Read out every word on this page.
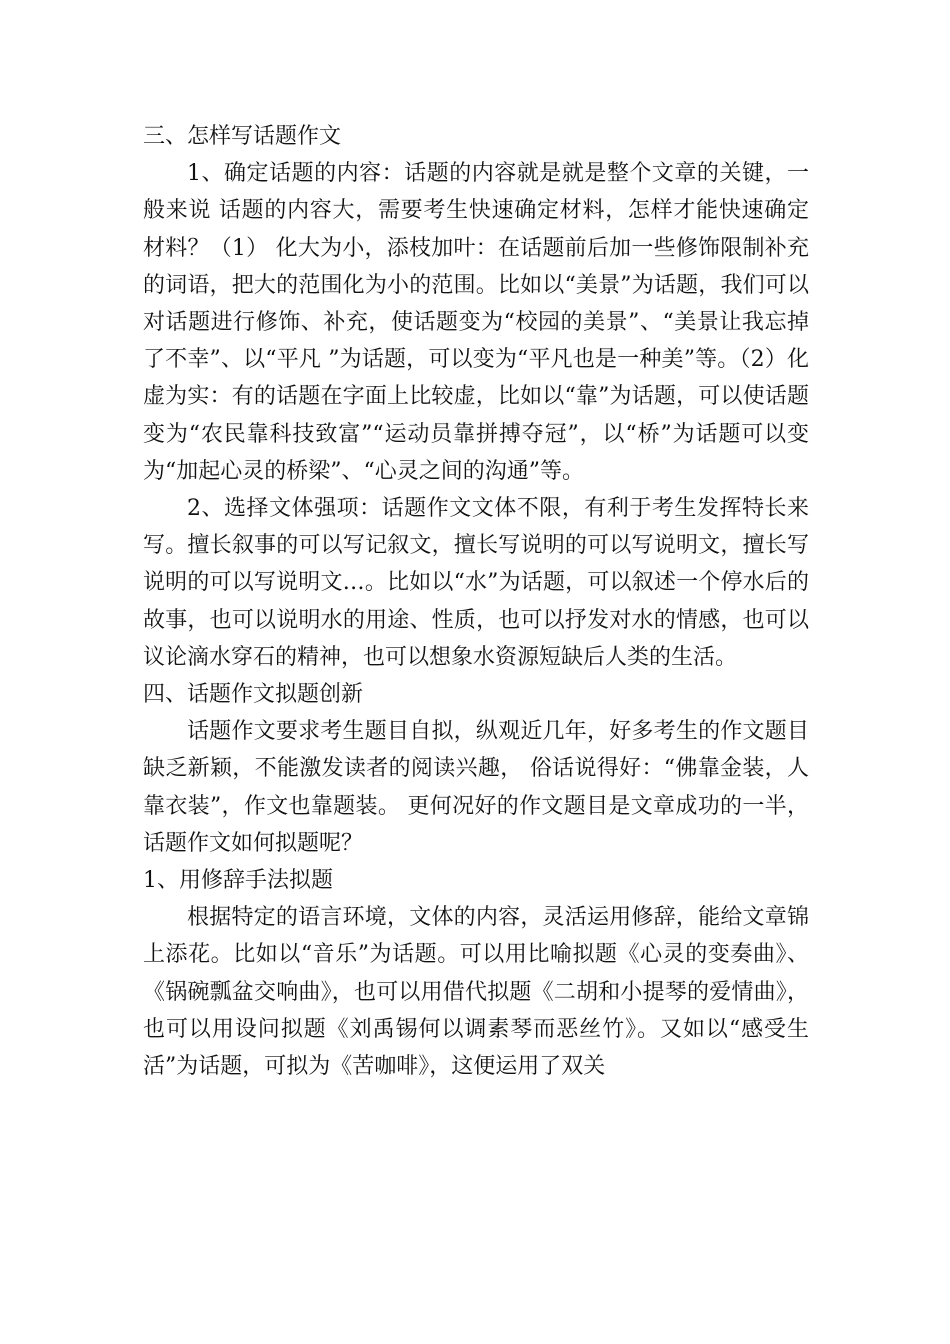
三、怎样写话题作文

1、确定话题的内容：话题的内容就是就是整个文章的关键，一般来说 话题的内容大，需要考生快速确定材料，怎样才能快速确定材料？（1） 化大为小，添枝加叶：在话题前后加一些修饰限制补充的词语，把大的范围化为小的范围。比如以“美景”为话题，我们可以对话题进行修饰、补充，使话题变为“校园的美景”、“美景让我忘掉了不幸”、以“平凡 ”为话题，可以变为“平凡也是一种美”等。（2）化虚为实：有的话题在字面上比较虚，比如以“靠”为话题，可以使话题变为“农民靠科技致富”“运动员靠拼搏夺冠”，以“桥”为话题可以变为“加起心灵的桥梁”、“心灵之间的沟通”等。

2、选择文体强项：话题作文文体不限，有利于考生发挥特长来写。擅长叙事的可以写记叙文，擅长写说明的可以写说明文，擅长写说明的可以写说明文…。比如以“水”为话题，可以叙述一个停水后的故事，也可以说明水的用途、性质，也可以抒发对水的情感，也可以议论滴水穿石的精神，也可以想象水资源短缺后人类的生活。

四、话题作文拟题创新

话题作文要求考生题目自拟，纵观近几年，好多考生的作文题目缺乏新颖，不能激发读者的阅读兴趣， 俗话说得好：“佛靠金装，人靠衣装”，作文也靠题装。 更何况好的作文题目是文章成功的一半，话题作文如何拟题呢？

1、用修辞手法拟题

根据特定的语言环境，文体的内容，灵活运用修辞，能给文章锦上添花。比如以“音乐”为话题。可以用比喻拟题《心灵的变奏曲》、《锅碗瓢盆交响曲》，也可以用借代拟题《二胡和小提琴的爱情曲》，也可以用设问拟题《刘禹锡何以调素琴而恶丝竹》。又如以“感受生活”为话题，可拟为《苦咖啡》，这便运用了双关
